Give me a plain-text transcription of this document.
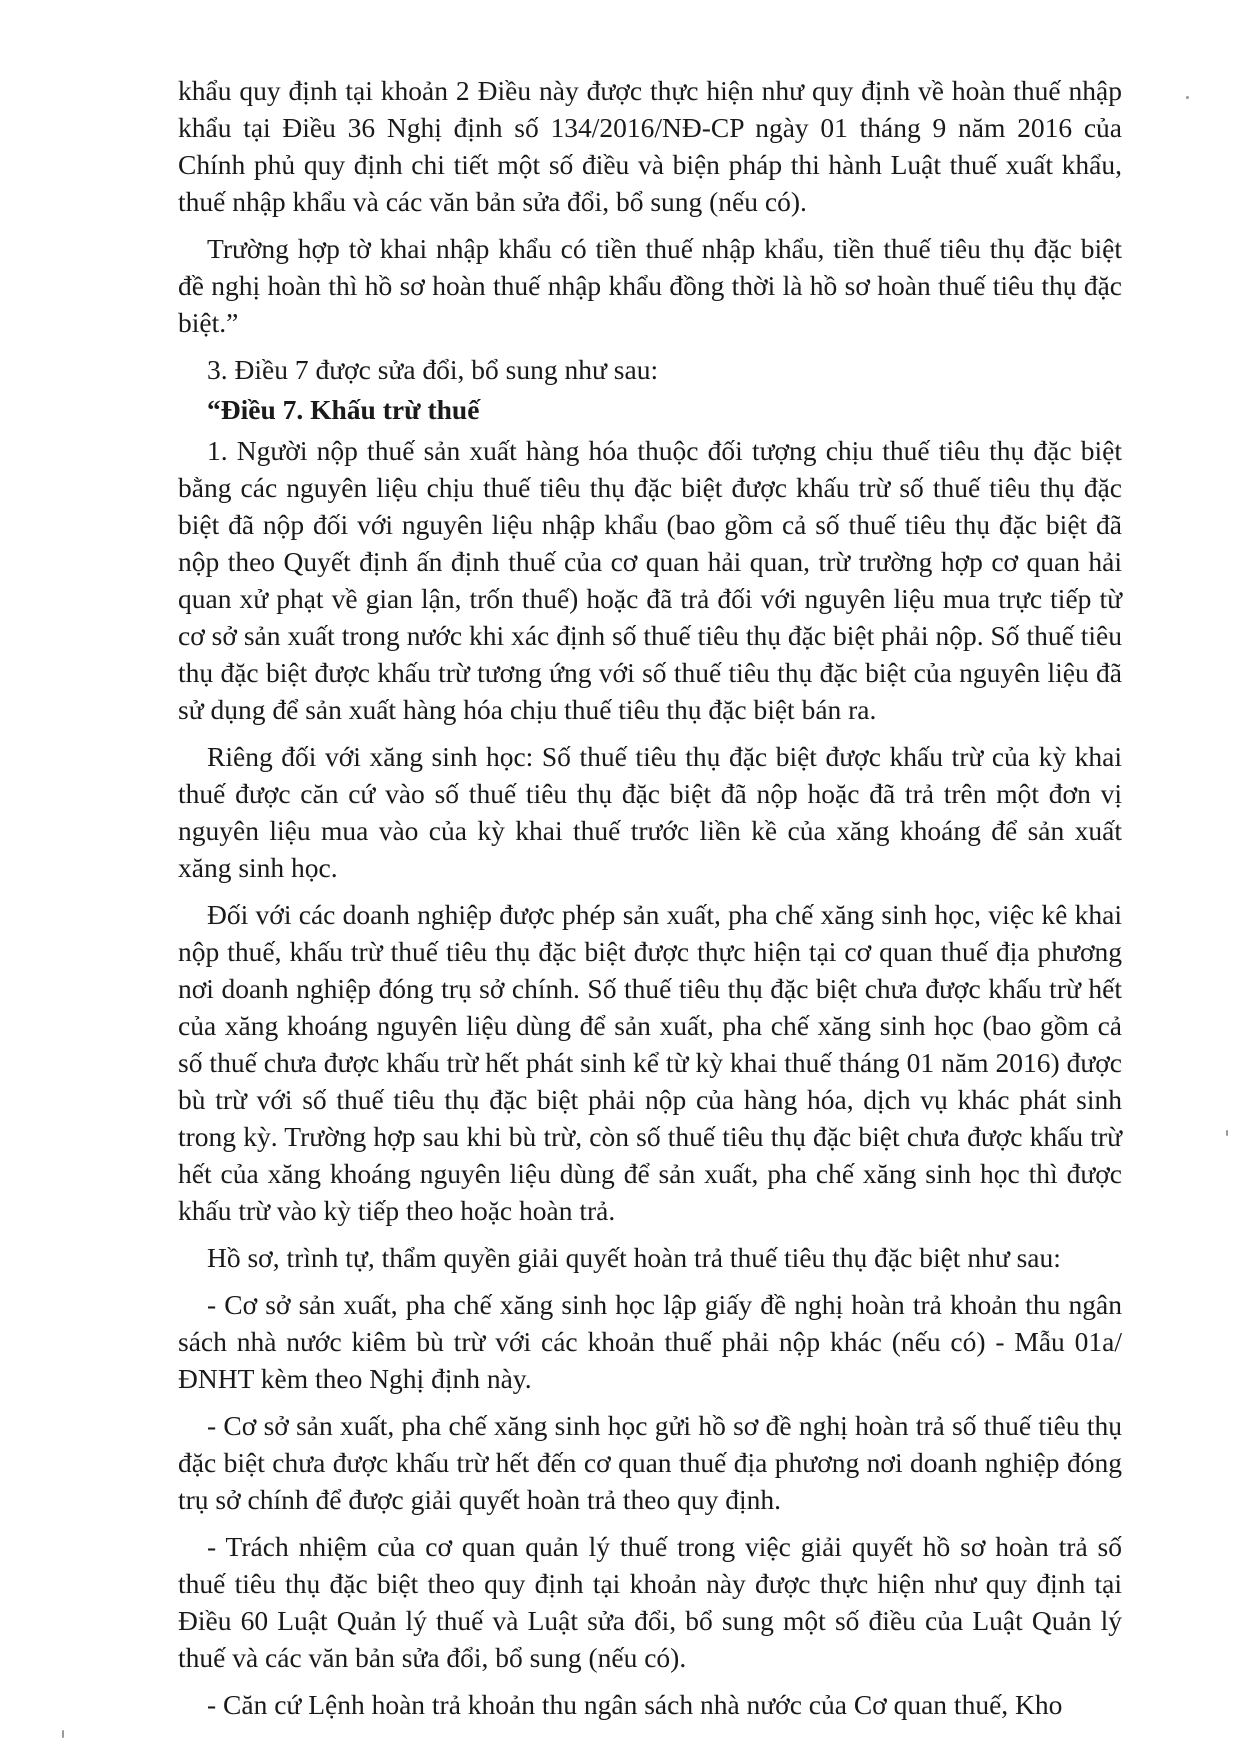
khẩu quy định tại khoản 2 Điều này được thực hiện như quy định về hoàn thuế nhập khẩu tại Điều 36 Nghị định số 134/2016/NĐ-CP ngày 01 tháng 9 năm 2016 của Chính phủ quy định chi tiết một số điều và biện pháp thi hành Luật thuế xuất khẩu, thuế nhập khẩu và các văn bản sửa đổi, bổ sung (nếu có).

Trường hợp tờ khai nhập khẩu có tiền thuế nhập khẩu, tiền thuế tiêu thụ đặc biệt đề nghị hoàn thì hồ sơ hoàn thuế nhập khẩu đồng thời là hồ sơ hoàn thuế tiêu thụ đặc biệt.”

3. Điều 7 được sửa đổi, bổ sung như sau:

“Điều 7. Khấu trừ thuế

1. Người nộp thuế sản xuất hàng hóa thuộc đối tượng chịu thuế tiêu thụ đặc biệt bằng các nguyên liệu chịu thuế tiêu thụ đặc biệt được khấu trừ số thuế tiêu thụ đặc biệt đã nộp đối với nguyên liệu nhập khẩu (bao gồm cả số thuế tiêu thụ đặc biệt đã nộp theo Quyết định ấn định thuế của cơ quan hải quan, trừ trường hợp cơ quan hải quan xử phạt về gian lận, trốn thuế) hoặc đã trả đối với nguyên liệu mua trực tiếp từ cơ sở sản xuất trong nước khi xác định số thuế tiêu thụ đặc biệt phải nộp. Số thuế tiêu thụ đặc biệt được khấu trừ tương ứng với số thuế tiêu thụ đặc biệt của nguyên liệu đã sử dụng để sản xuất hàng hóa chịu thuế tiêu thụ đặc biệt bán ra.

Riêng đối với xăng sinh học: Số thuế tiêu thụ đặc biệt được khấu trừ của kỳ khai thuế được căn cứ vào số thuế tiêu thụ đặc biệt đã nộp hoặc đã trả trên một đơn vị nguyên liệu mua vào của kỳ khai thuế trước liền kề của xăng khoáng để sản xuất xăng sinh học.

Đối với các doanh nghiệp được phép sản xuất, pha chế xăng sinh học, việc kê khai nộp thuế, khấu trừ thuế tiêu thụ đặc biệt được thực hiện tại cơ quan thuế địa phương nơi doanh nghiệp đóng trụ sở chính. Số thuế tiêu thụ đặc biệt chưa được khấu trừ hết của xăng khoáng nguyên liệu dùng để sản xuất, pha chế xăng sinh học (bao gồm cả số thuế chưa được khấu trừ hết phát sinh kể từ kỳ khai thuế tháng 01 năm 2016) được bù trừ với số thuế tiêu thụ đặc biệt phải nộp của hàng hóa, dịch vụ khác phát sinh trong kỳ. Trường hợp sau khi bù trừ, còn số thuế tiêu thụ đặc biệt chưa được khấu trừ hết của xăng khoáng nguyên liệu dùng để sản xuất, pha chế xăng sinh học thì được khấu trừ vào kỳ tiếp theo hoặc hoàn trả.

Hồ sơ, trình tự, thẩm quyền giải quyết hoàn trả thuế tiêu thụ đặc biệt như sau:

- Cơ sở sản xuất, pha chế xăng sinh học lập giấy đề nghị hoàn trả khoản thu ngân sách nhà nước kiêm bù trừ với các khoản thuế phải nộp khác (nếu có) - Mẫu 01a/ĐNHT kèm theo Nghị định này.

- Cơ sở sản xuất, pha chế xăng sinh học gửi hồ sơ đề nghị hoàn trả số thuế tiêu thụ đặc biệt chưa được khấu trừ hết đến cơ quan thuế địa phương nơi doanh nghiệp đóng trụ sở chính để được giải quyết hoàn trả theo quy định.

- Trách nhiệm của cơ quan quản lý thuế trong việc giải quyết hồ sơ hoàn trả số thuế tiêu thụ đặc biệt theo quy định tại khoản này được thực hiện như quy định tại Điều 60 Luật Quản lý thuế và Luật sửa đổi, bổ sung một số điều của Luật Quản lý thuế và các văn bản sửa đổi, bổ sung (nếu có).

- Căn cứ Lệnh hoàn trả khoản thu ngân sách nhà nước của Cơ quan thuế, Kho
